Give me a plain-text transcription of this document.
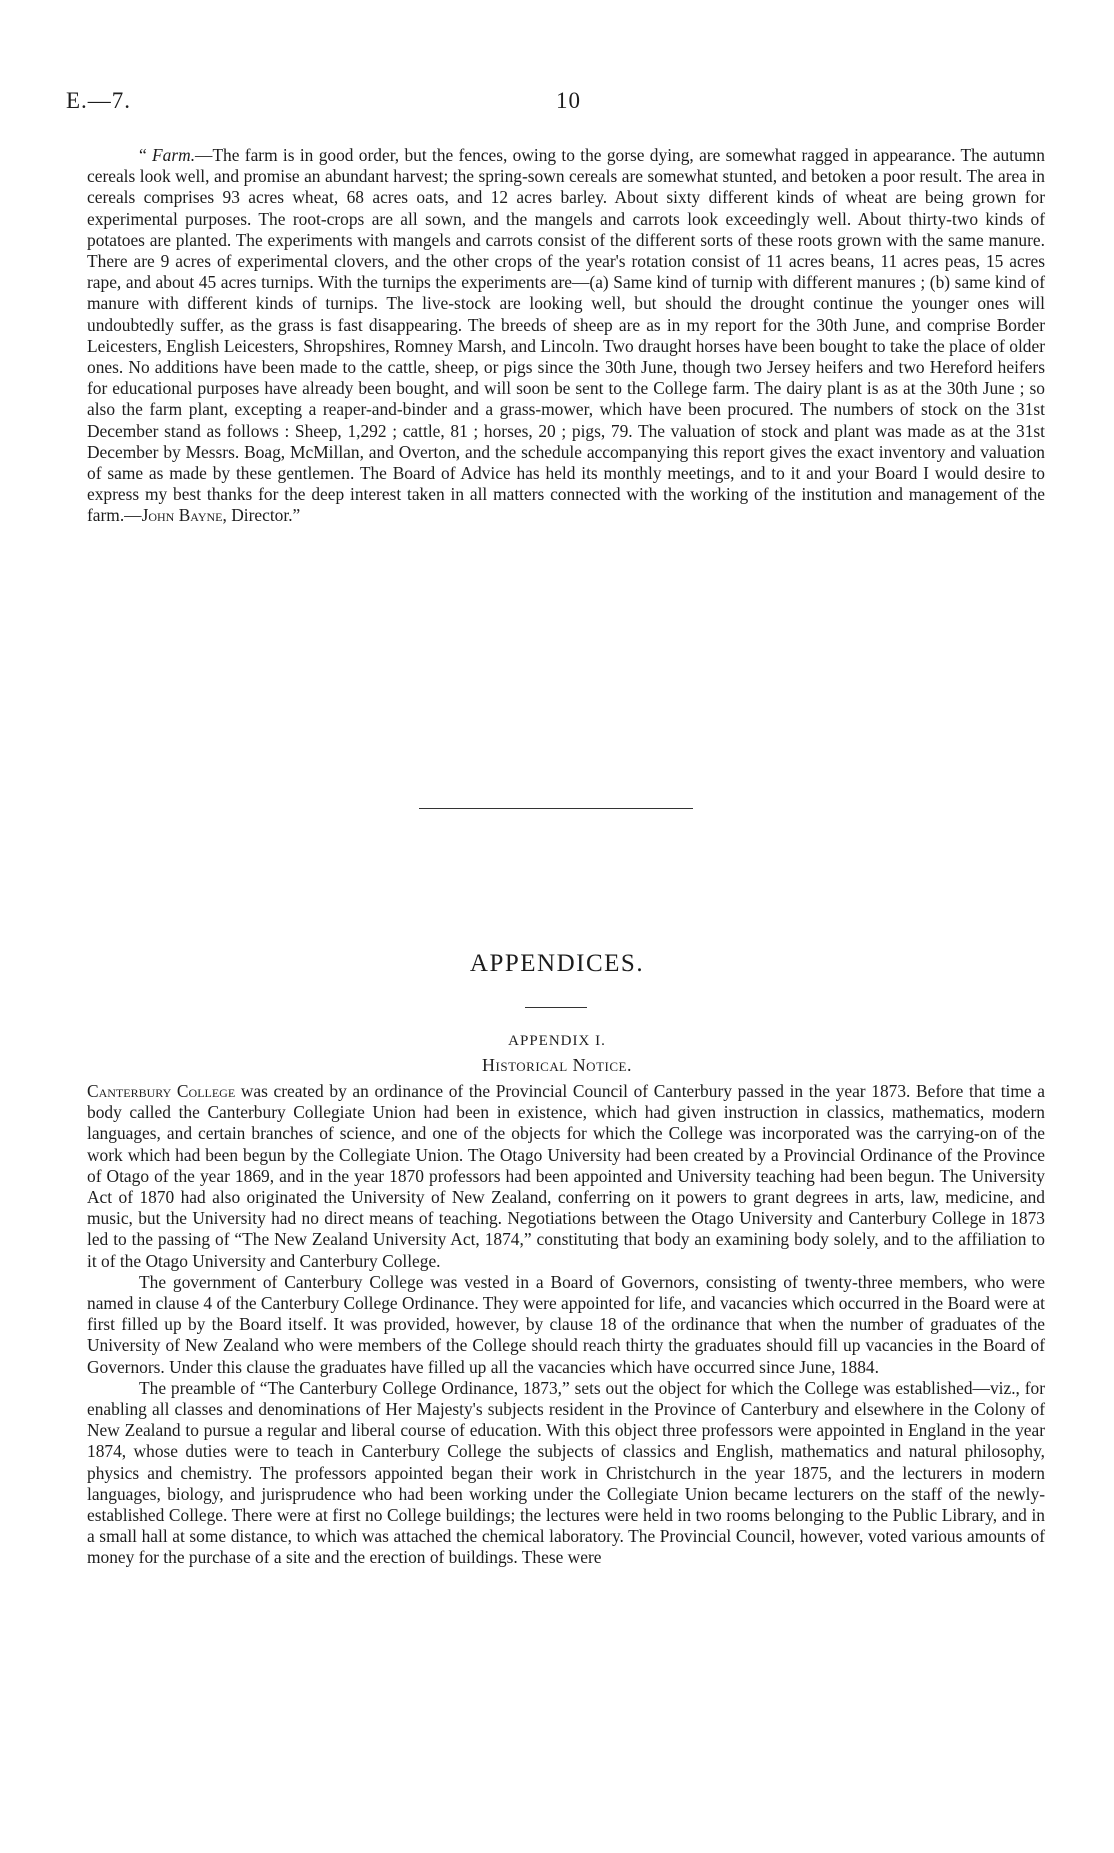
E.—7.	10

“ Farm.—The farm is in good order, but the fences, owing to the gorse dying, are somewhat ragged in appearance. The autumn cereals look well, and promise an abundant harvest; the spring-sown cereals are somewhat stunted, and betoken a poor result. The area in cereals comprises 93 acres wheat, 68 acres oats, and 12 acres barley. About sixty different kinds of wheat are being grown for experimental purposes. The root-crops are all sown, and the mangels and carrots look exceedingly well. About thirty-two kinds of potatoes are planted. The experiments with mangels and carrots consist of the different sorts of these roots grown with the same manure. There are 9 acres of experimental clovers, and the other crops of the year's rotation consist of 11 acres beans, 11 acres peas, 15 acres rape, and about 45 acres turnips. With the turnips the experiments are—(a) Same kind of turnip with different manures ; (b) same kind of manure with different kinds of turnips. The live-stock are looking well, but should the drought continue the younger ones will undoubtedly suffer, as the grass is fast disappearing. The breeds of sheep are as in my report for the 30th June, and comprise Border Leicesters, English Leicesters, Shropshires, Romney Marsh, and Lincoln. Two draught horses have been bought to take the place of older ones. No additions have been made to the cattle, sheep, or pigs since the 30th June, though two Jersey heifers and two Hereford heifers for educational purposes have already been bought, and will soon be sent to the College farm. The dairy plant is as at the 30th June ; so also the farm plant, excepting a reaper-and-binder and a grass-mower, which have been procured. The numbers of stock on the 31st December stand as follows : Sheep, 1,292 ; cattle, 81 ; horses, 20 ; pigs, 79. The valuation of stock and plant was made as at the 31st December by Messrs. Boag, McMillan, and Overton, and the schedule accompanying this report gives the exact inventory and valuation of same as made by these gentlemen. The Board of Advice has held its monthly meetings, and to it and your Board I would desire to express my best thanks for the deep interest taken in all matters connected with the working of the institution and management of the farm.—John Bayne, Director.”

APPENDICES.
APPENDIX I.
Historical Notice.

Canterbury College was created by an ordinance of the Provincial Council of Canterbury passed in the year 1873. Before that time a body called the Canterbury Collegiate Union had been in existence, which had given instruction in classics, mathematics, modern languages, and certain branches of science, and one of the objects for which the College was incorporated was the carrying-on of the work which had been begun by the Collegiate Union. The Otago University had been created by a Provincial Ordinance of the Province of Otago of the year 1869, and in the year 1870 professors had been appointed and University teaching had been begun. The University Act of 1870 had also originated the University of New Zealand, conferring on it powers to grant degrees in arts, law, medicine, and music, but the University had no direct means of teaching. Negotiations between the Otago University and Canterbury College in 1873 led to the passing of “The New Zealand University Act, 1874,” constituting that body an examining body solely, and to the affiliation to it of the Otago University and Canterbury College.

The government of Canterbury College was vested in a Board of Governors, consisting of twenty-three members, who were named in clause 4 of the Canterbury College Ordinance. They were appointed for life, and vacancies which occurred in the Board were at first filled up by the Board itself. It was provided, however, by clause 18 of the ordinance that when the number of graduates of the University of New Zealand who were members of the College should reach thirty the graduates should fill up vacancies in the Board of Governors. Under this clause the graduates have filled up all the vacancies which have occurred since June, 1884.

The preamble of “The Canterbury College Ordinance, 1873,” sets out the object for which the College was established—viz., for enabling all classes and denominations of Her Majesty's subjects resident in the Province of Canterbury and elsewhere in the Colony of New Zealand to pursue a regular and liberal course of education. With this object three professors were appointed in England in the year 1874, whose duties were to teach in Canterbury College the subjects of classics and English, mathematics and natural philosophy, physics and chemistry. The professors appointed began their work in Christchurch in the year 1875, and the lecturers in modern languages, biology, and jurisprudence who had been working under the Collegiate Union became lecturers on the staff of the newly-established College. There were at first no College buildings; the lectures were held in two rooms belonging to the Public Library, and in a small hall at some distance, to which was attached the chemical laboratory. The Provincial Council, however, voted various amounts of money for the purchase of a site and the erection of buildings. These were
